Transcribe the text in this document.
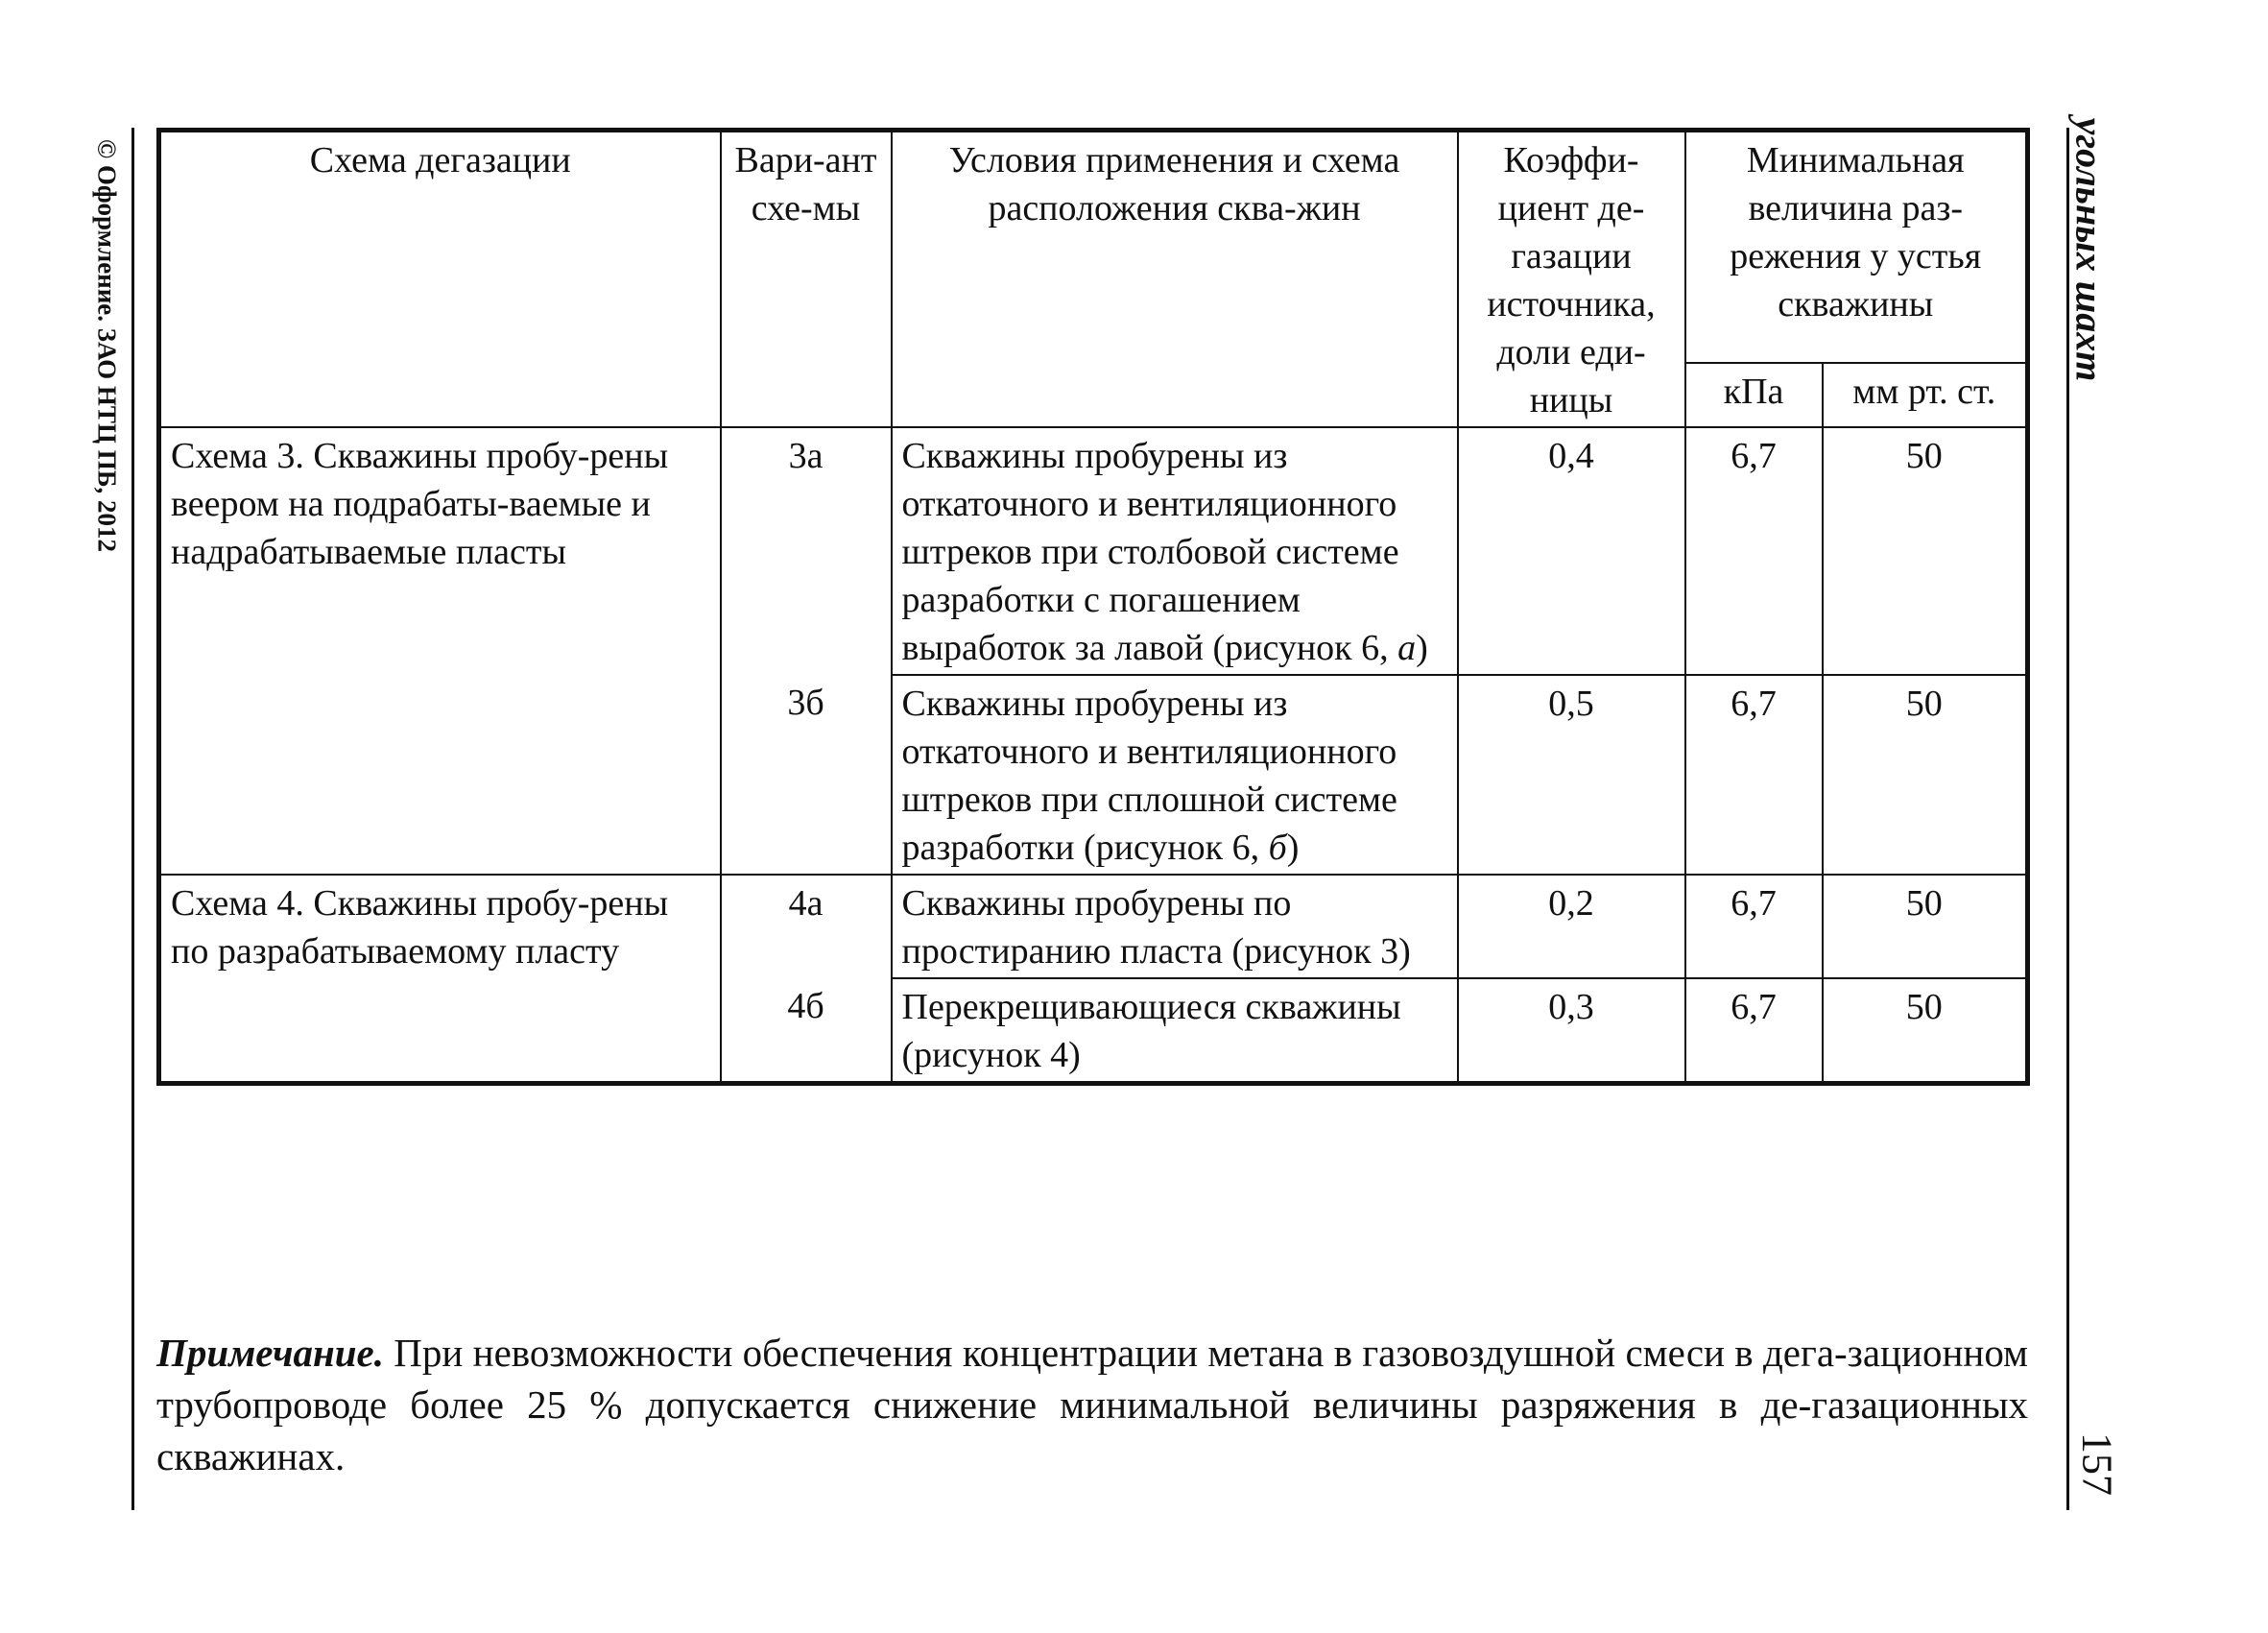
© Оформление. ЗАО НТЦ ПБ, 2012	угольных шахт
157
Схема дегазации	Вари-ант схе-мы	Условия применения и схема расположения сква-жин	Коэффи-циент де-газации источника, доли еди-ницы	Минимальная величина раз-режения у устья скважины	
				кПа	мм рт. ст.
Схема 3. Скважины пробу-рены веером на подрабаты-ваемые и надрабатываемые пласты	3а	Скважины пробурены из откаточного и вентиляционного штреков при столбовой системе разработки с погашением выработок за лавой (рисунок 6, а)	0,4	6,7	50
	3б	Скважины пробурены из откаточного и вентиляционного штреков при сплошной системе разработки (рисунок 6, б)	0,5	6,7	50
Схема 4. Скважины пробу-рены по разрабатываемому пласту	4а	Скважины пробурены по простиранию пласта (рисунок 3)	0,2	6,7	50
	4б	Перекрещивающиеся скважины (рисунок 4)	0,3	6,7	50

Примечание. При невозможности обеспечения концентрации метана в газовоздушной смеси в дега-зационном трубопроводе более 25 % допускается снижение минимальной величины разряжения в де-газационных скважинах.
